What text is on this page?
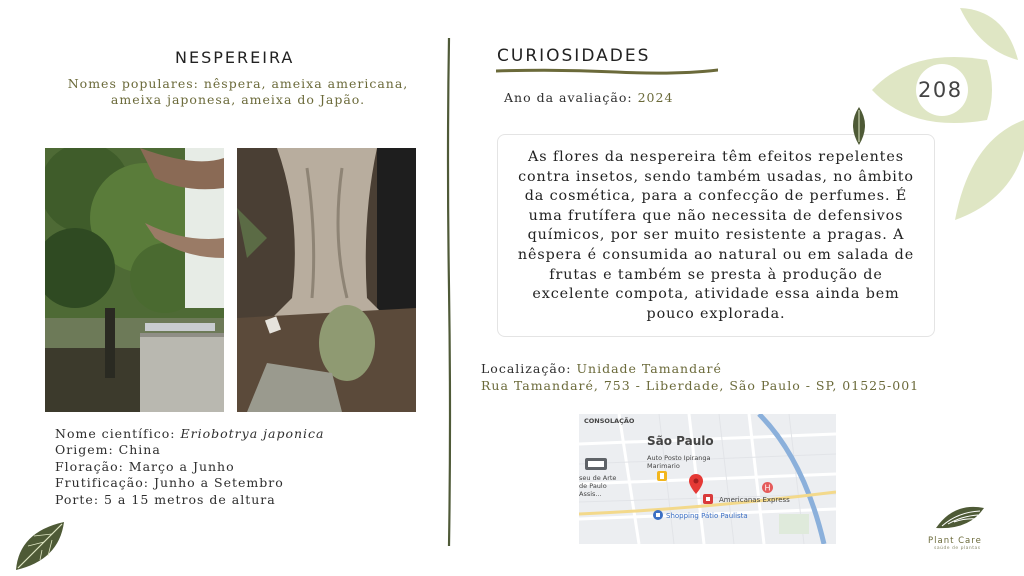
NESPEREIRA
Nomes populares: nêspera, ameixa americana, ameixa japonesa, ameixa do Japão.
Nome científico: Eriobotrya japonica
Origem: China
Floração: Março a Junho
Frutificação: Junho a Setembro
Porte: 5 a 15 metros de altura
CURIOSIDADES
Ano da avaliação: 2024
As flores da nespereira têm efeitos repelentes contra insetos, sendo também usadas, no âmbito da cosmética, para a confecção de perfumes. É uma frutífera que não necessita de defensivos químicos, por ser muito resistente a pragas. A nêspera é consumida ao natural ou em salada de frutas e também se presta à produção de excelente compota, atividade essa ainda bem pouco explorada.
Localização: Unidade Tamandaré
Rua Tamandaré, 753 - Liberdade, São Paulo - SP, 01525-001
CONSOLAÇÃO
São Paulo
Auto Posto Ipiranga Marimario
Americanas Express
Shopping Pátio Paulista
seu de Arte de Paulo Assis...
H
208
Plant Care
saúde de plantas
